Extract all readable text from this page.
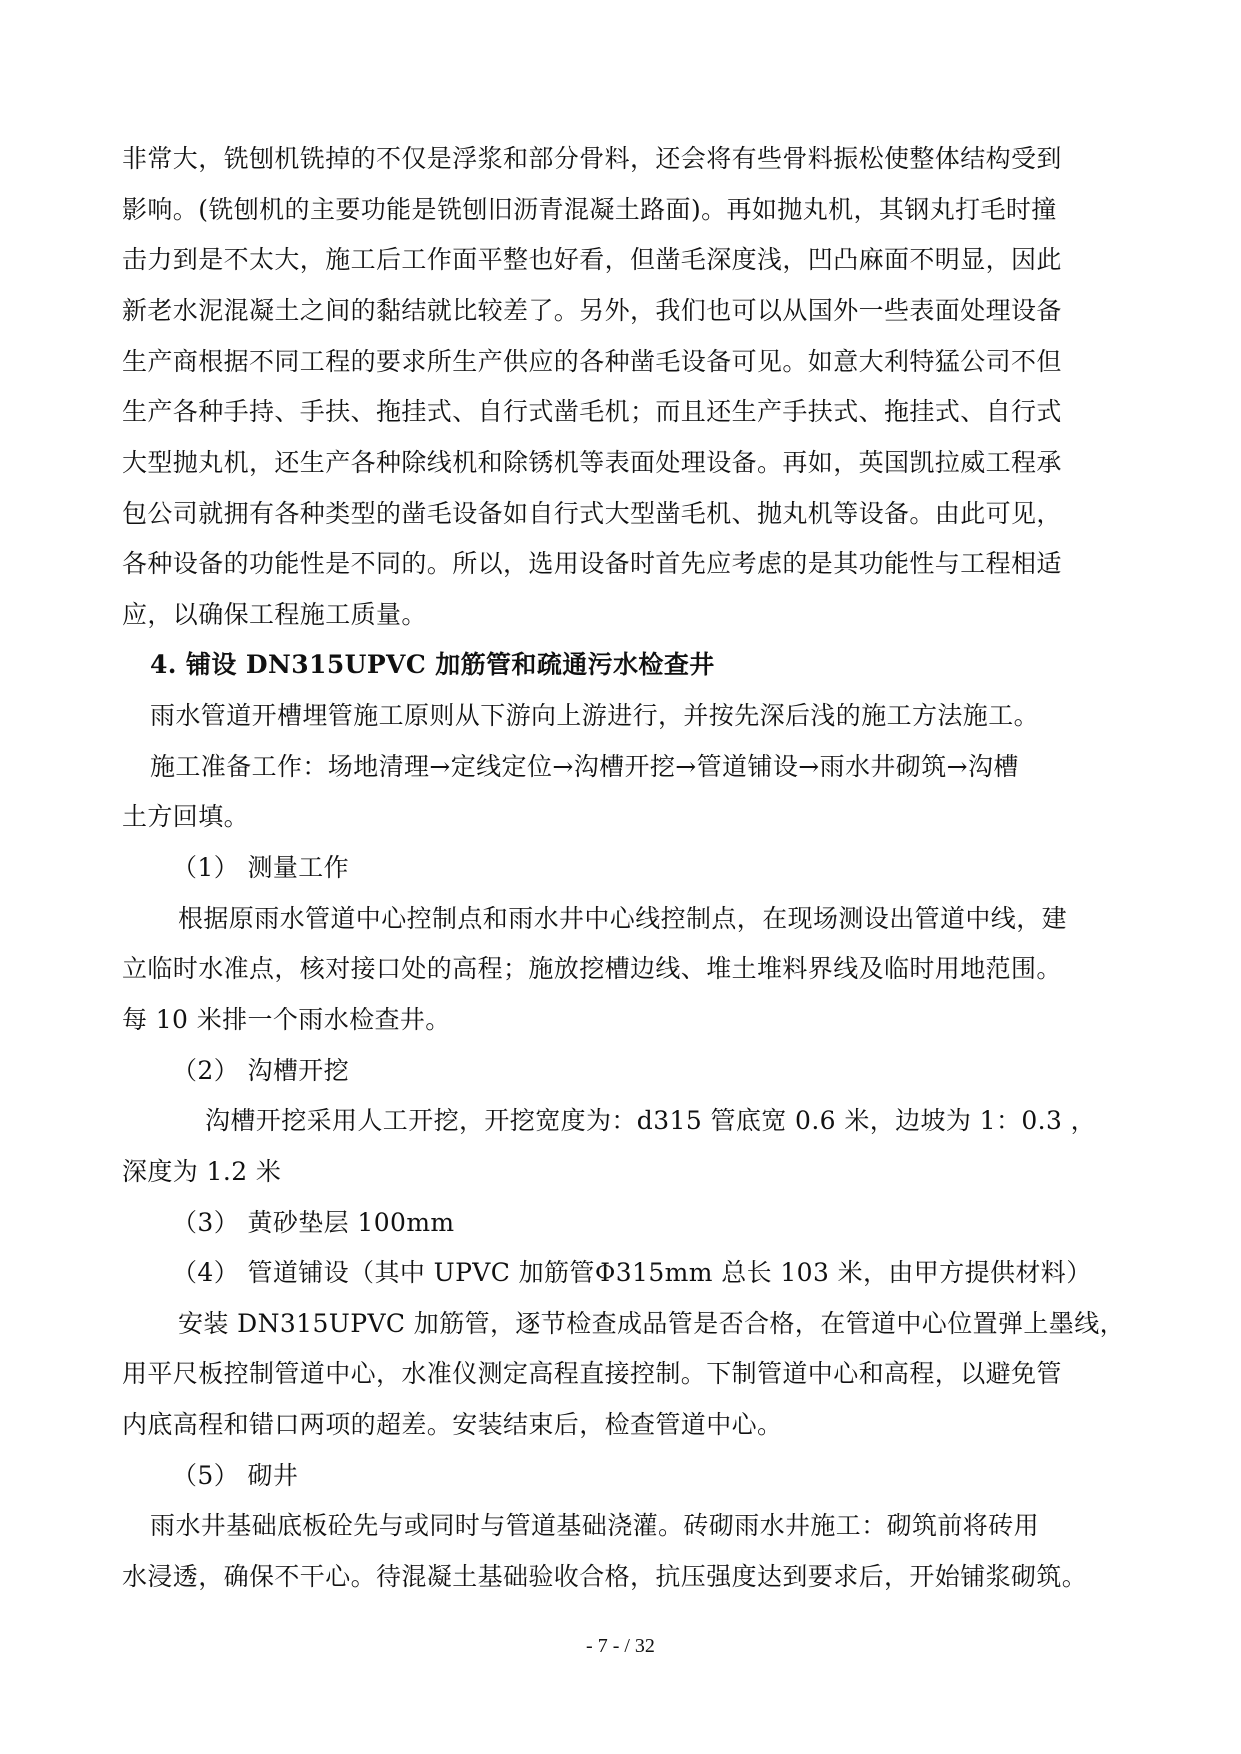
非常大，铣刨机铣掉的不仅是浮浆和部分骨料，还会将有些骨料振松使整体结构受到
影响。(铣刨机的主要功能是铣刨旧沥青混凝土路面)。再如抛丸机，其钢丸打毛时撞
击力到是不太大，施工后工作面平整也好看，但凿毛深度浅，凹凸麻面不明显，因此
新老水泥混凝土之间的黏结就比较差了。另外，我们也可以从国外一些表面处理设备
生产商根据不同工程的要求所生产供应的各种凿毛设备可见。如意大利特猛公司不但
生产各种手持、手扶、拖挂式、自行式凿毛机；而且还生产手扶式、拖挂式、自行式
大型抛丸机，还生产各种除线机和除锈机等表面处理设备。再如，英国凯拉威工程承
包公司就拥有各种类型的凿毛设备如自行式大型凿毛机、抛丸机等设备。由此可见，
各种设备的功能性是不同的。所以，选用设备时首先应考虑的是其功能性与工程相适
应，以确保工程施工质量。
4. 铺设 DN315UPVC 加筋管和疏通污水检查井
雨水管道开槽埋管施工原则从下游向上游进行，并按先深后浅的施工方法施工。
施工准备工作：场地清理→定线定位→沟槽开挖→管道铺设→雨水井砌筑→沟槽
土方回填。
（1） 测量工作
根据原雨水管道中心控制点和雨水井中心线控制点，在现场测设出管道中线，建
立临时水准点，核对接口处的高程；施放挖槽边线、堆土堆料界线及临时用地范围。
每 10 米排一个雨水检查井。
（2） 沟槽开挖
沟槽开挖采用人工开挖，开挖宽度为：d315 管底宽 0.6 米，边坡为 1：0.3 ，
深度为 1.2 米
（3） 黄砂垫层 100mm
（4） 管道铺设（其中 UPVC 加筋管Φ315mm 总长 103 米，由甲方提供材料）
安装 DN315UPVC 加筋管，逐节检查成品管是否合格，在管道中心位置弹上墨线，
用平尺板控制管道中心，水准仪测定高程直接控制。下制管道中心和高程，以避免管
内底高程和错口两项的超差。安装结束后，检查管道中心。
（5） 砌井
雨水井基础底板砼先与或同时与管道基础浇灌。砖砌雨水井施工：砌筑前将砖用
水浸透，确保不干心。待混凝土基础验收合格，抗压强度达到要求后，开始铺浆砌筑。
- 7 - / 32
